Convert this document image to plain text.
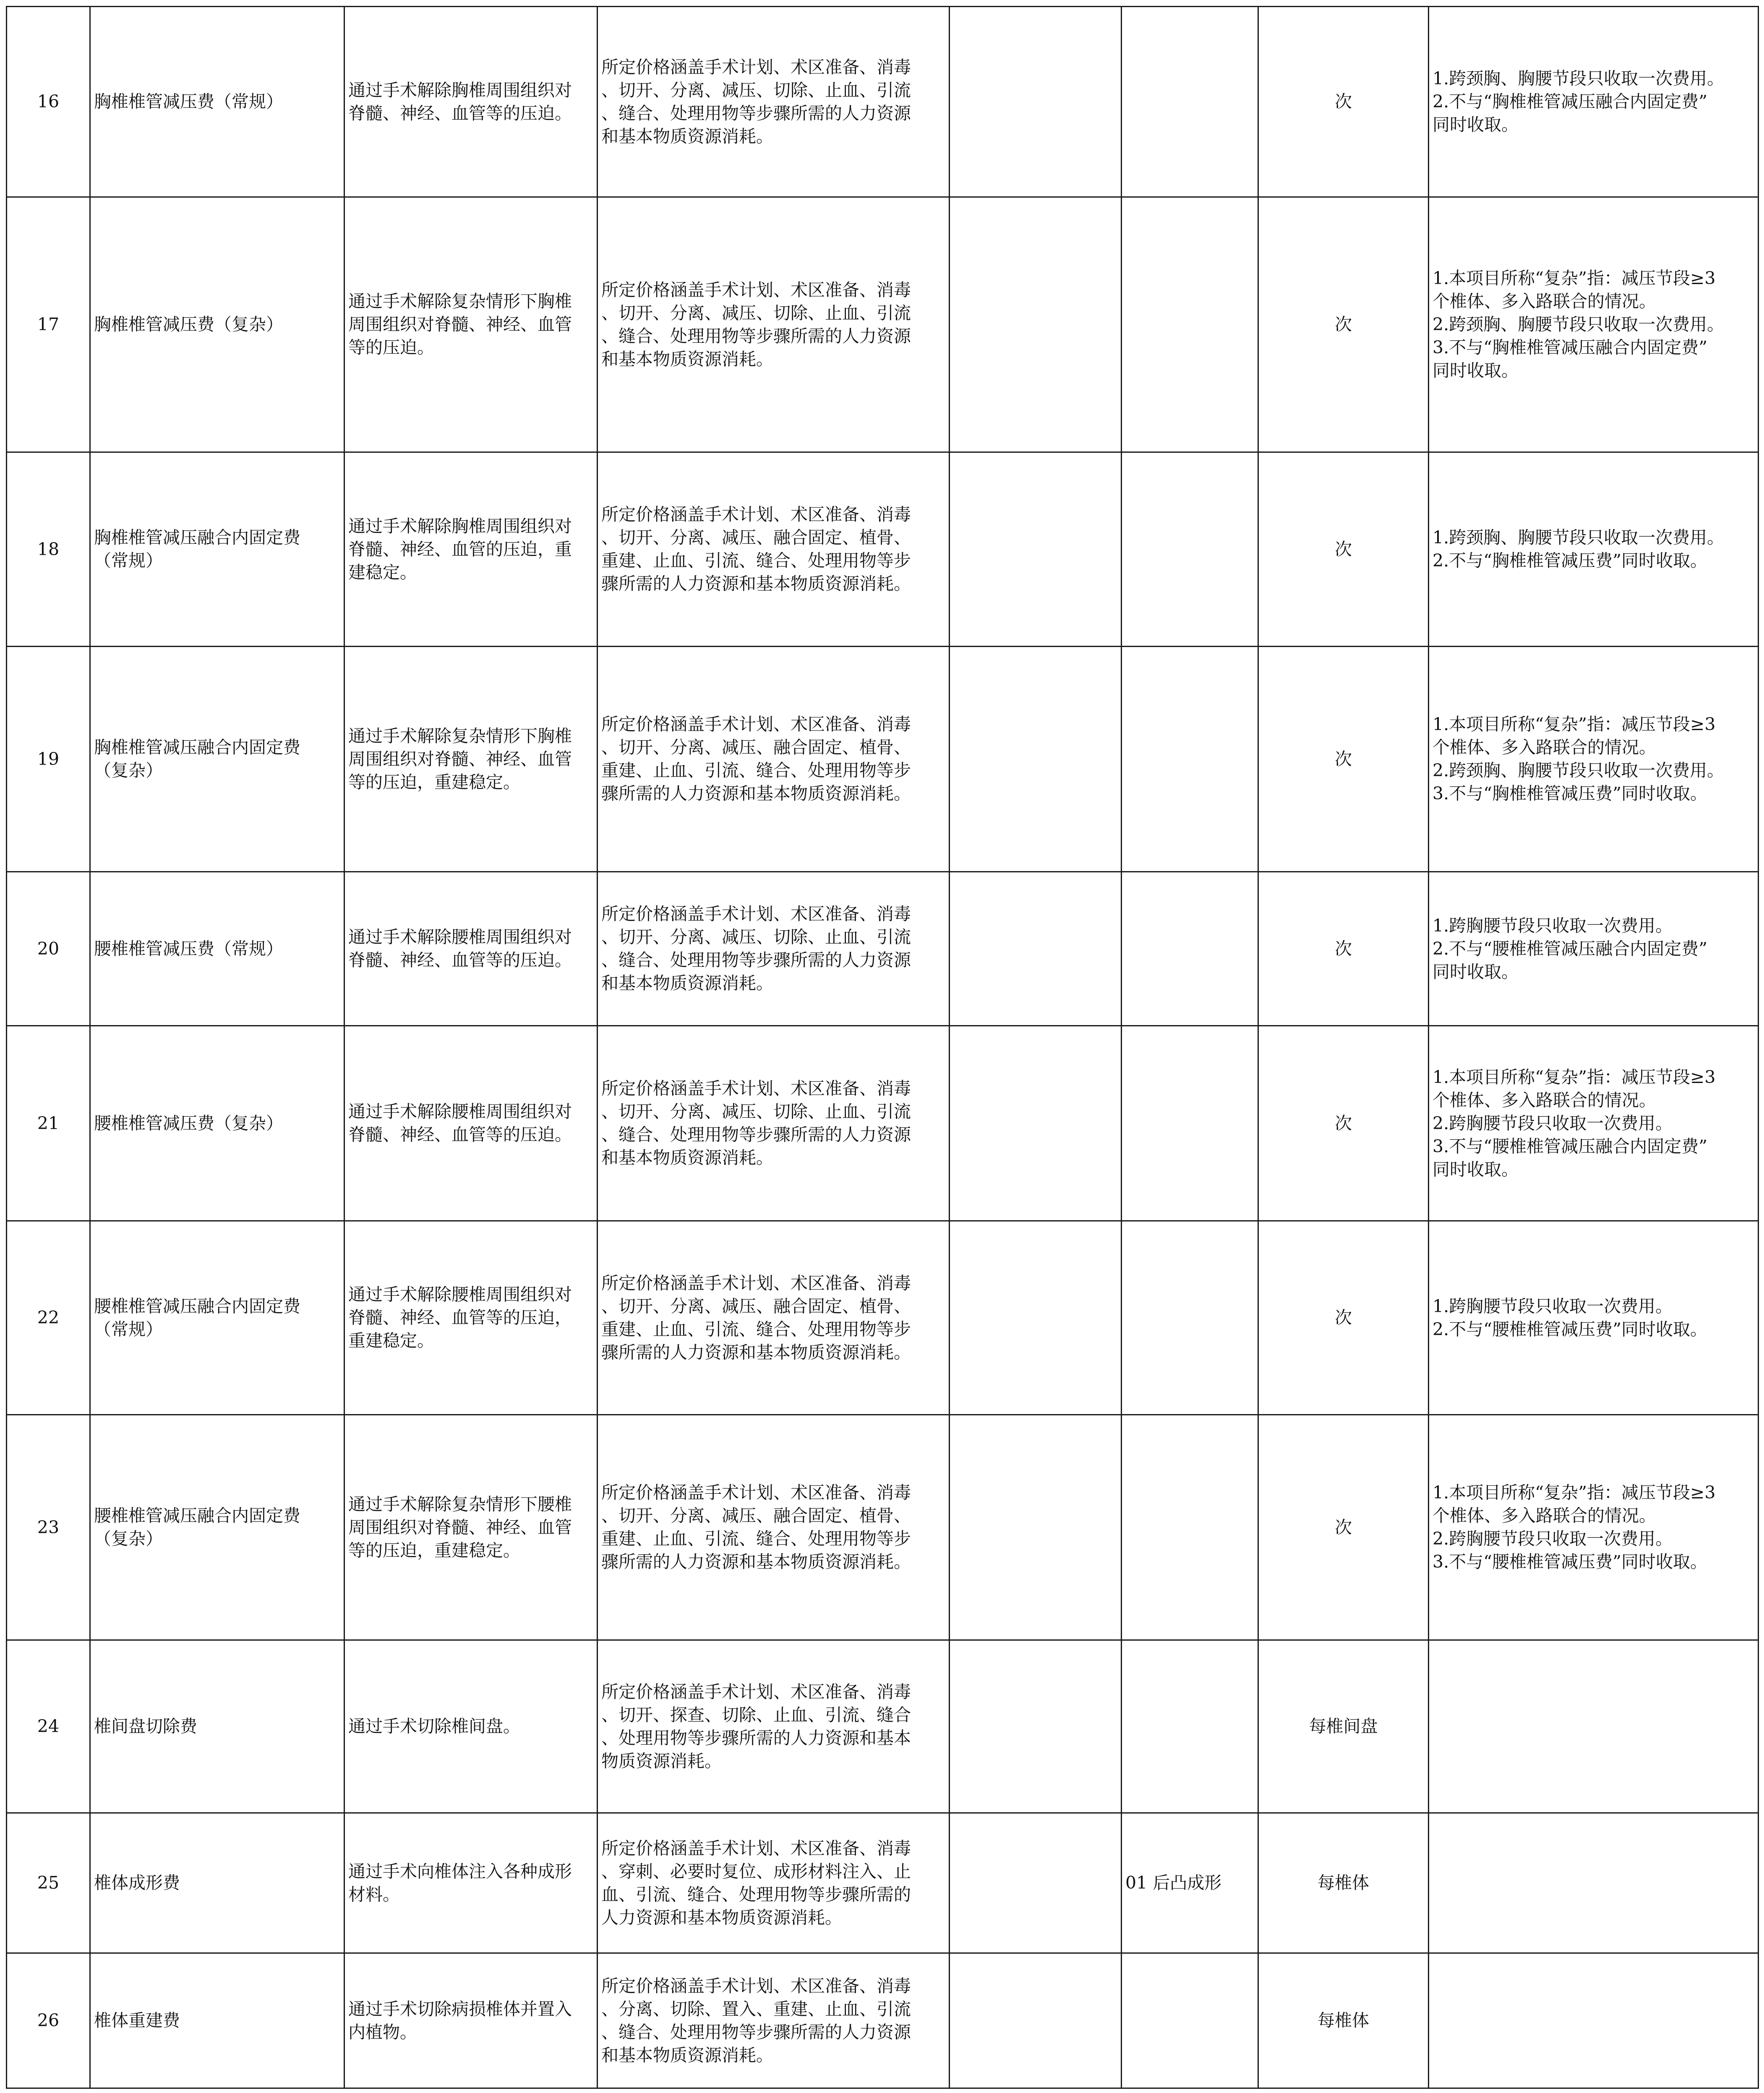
16	胸椎椎管减压费（常规）	通过手术解除胸椎周围组织对
脊髓、神经、血管等的压迫。	所定价格涵盖手术计划、术区准备、消毒
、切开、分离、减压、切除、止血、引流
、缝合、处理用物等步骤所需的人力资源
和基本物质资源消耗。			次	1.跨颈胸、胸腰节段只收取一次费用。
2.不与“胸椎椎管减压融合内固定费”
同时收取。

17	胸椎椎管减压费（复杂）	通过手术解除复杂情形下胸椎
周围组织对脊髓、神经、血管
等的压迫。	所定价格涵盖手术计划、术区准备、消毒
、切开、分离、减压、切除、止血、引流
、缝合、处理用物等步骤所需的人力资源
和基本物质资源消耗。			次	1.本项目所称“复杂”指：减压节段≥3
个椎体、多入路联合的情况。
2.跨颈胸、胸腰节段只收取一次费用。
3.不与“胸椎椎管减压融合内固定费”
同时收取。

18	胸椎椎管减压融合内固定费
（常规）	通过手术解除胸椎周围组织对
脊髓、神经、血管的压迫，重
建稳定。	所定价格涵盖手术计划、术区准备、消毒
、切开、分离、减压、融合固定、植骨、
重建、止血、引流、缝合、处理用物等步
骤所需的人力资源和基本物质资源消耗。			次	1.跨颈胸、胸腰节段只收取一次费用。
2.不与“胸椎椎管减压费”同时收取。

19	胸椎椎管减压融合内固定费
（复杂）	通过手术解除复杂情形下胸椎
周围组织对脊髓、神经、血管
等的压迫，重建稳定。	所定价格涵盖手术计划、术区准备、消毒
、切开、分离、减压、融合固定、植骨、
重建、止血、引流、缝合、处理用物等步
骤所需的人力资源和基本物质资源消耗。			次	1.本项目所称“复杂”指：减压节段≥3
个椎体、多入路联合的情况。
2.跨颈胸、胸腰节段只收取一次费用。
3.不与“胸椎椎管减压费”同时收取。

20	腰椎椎管减压费（常规）	通过手术解除腰椎周围组织对
脊髓、神经、血管等的压迫。	所定价格涵盖手术计划、术区准备、消毒
、切开、分离、减压、切除、止血、引流
、缝合、处理用物等步骤所需的人力资源
和基本物质资源消耗。			次	1.跨胸腰节段只收取一次费用。
2.不与“腰椎椎管减压融合内固定费”
同时收取。

21	腰椎椎管减压费（复杂）	通过手术解除腰椎周围组织对
脊髓、神经、血管等的压迫。	所定价格涵盖手术计划、术区准备、消毒
、切开、分离、减压、切除、止血、引流
、缝合、处理用物等步骤所需的人力资源
和基本物质资源消耗。			次	1.本项目所称“复杂”指：减压节段≥3
个椎体、多入路联合的情况。
2.跨胸腰节段只收取一次费用。
3.不与“腰椎椎管减压融合内固定费”
同时收取。

22	腰椎椎管减压融合内固定费
（常规）	通过手术解除腰椎周围组织对
脊髓、神经、血管等的压迫，
重建稳定。	所定价格涵盖手术计划、术区准备、消毒
、切开、分离、减压、融合固定、植骨、
重建、止血、引流、缝合、处理用物等步
骤所需的人力资源和基本物质资源消耗。			次	1.跨胸腰节段只收取一次费用。
2.不与“腰椎椎管减压费”同时收取。

23	腰椎椎管减压融合内固定费
（复杂）	通过手术解除复杂情形下腰椎
周围组织对脊髓、神经、血管
等的压迫，重建稳定。	所定价格涵盖手术计划、术区准备、消毒
、切开、分离、减压、融合固定、植骨、
重建、止血、引流、缝合、处理用物等步
骤所需的人力资源和基本物质资源消耗。			次	1.本项目所称“复杂”指：减压节段≥3
个椎体、多入路联合的情况。
2.跨胸腰节段只收取一次费用。
3.不与“腰椎椎管减压费”同时收取。

24	椎间盘切除费	通过手术切除椎间盘。	所定价格涵盖手术计划、术区准备、消毒
、切开、探查、切除、止血、引流、缝合
、处理用物等步骤所需的人力资源和基本
物质资源消耗。			每椎间盘	
25	椎体成形费	通过手术向椎体注入各种成形
材料。	所定价格涵盖手术计划、术区准备、消毒
、穿刺、必要时复位、成形材料注入、止
血、引流、缝合、处理用物等步骤所需的
人力资源和基本物质资源消耗。		01 后凸成形	每椎体	
26	椎体重建费	通过手术切除病损椎体并置入
内植物。	所定价格涵盖手术计划、术区准备、消毒
、分离、切除、置入、重建、止血、引流
、缝合、处理用物等步骤所需的人力资源
和基本物质资源消耗。			每椎体	
